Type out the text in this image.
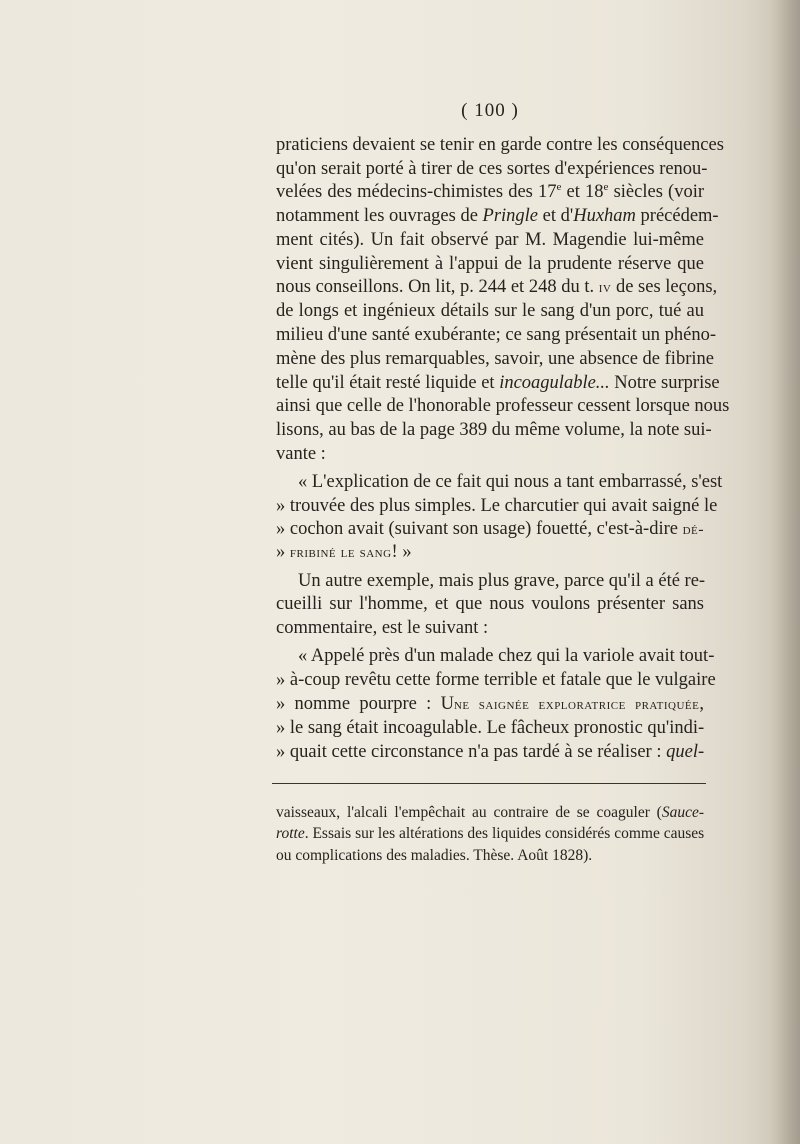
( 100 )
praticiens devaient se tenir en garde contre les conséquences
qu'on serait porté à tirer de ces sortes d'expériences renou-
velées des médecins-chimistes des 17e et 18e siècles (voir
notamment les ouvrages de Pringle et d'Huxham précédem-
ment cités). Un fait observé par M. Magendie lui-même
vient singulièrement à l'appui de la prudente réserve que
nous conseillons. On lit, p. 244 et 248 du t. iv de ses leçons,
de longs et ingénieux détails sur le sang d'un porc, tué au
milieu d'une santé exubérante; ce sang présentait un phéno-
mène des plus remarquables, savoir, une absence de fibrine
telle qu'il était resté liquide et incoagulable... Notre surprise
ainsi que celle de l'honorable professeur cessent lorsque nous
lisons, au bas de la page 389 du même volume, la note sui-
vante :
« L'explication de ce fait qui nous a tant embarrassé, s'est
» trouvée des plus simples. Le charcutier qui avait saigné le
» cochon avait (suivant son usage) fouetté, c'est-à-dire dé-
» fribiné le sang! »
Un autre exemple, mais plus grave, parce qu'il a été re-
cueilli sur l'homme, et que nous voulons présenter sans
commentaire, est le suivant :
« Appelé près d'un malade chez qui la variole avait tout-
» à-coup revêtu cette forme terrible et fatale que le vulgaire
» nomme pourpre : Une saignée exploratrice pratiquée,
» le sang était incoagulable. Le fâcheux pronostic qu'indi-
» quait cette circonstance n'a pas tardé à se réaliser : quel-
vaisseaux, l'alcali l'empêchait au contraire de se coaguler (Sauce-
rotte. Essais sur les altérations des liquides considérés comme causes
ou complications des maladies. Thèse. Août 1828).
